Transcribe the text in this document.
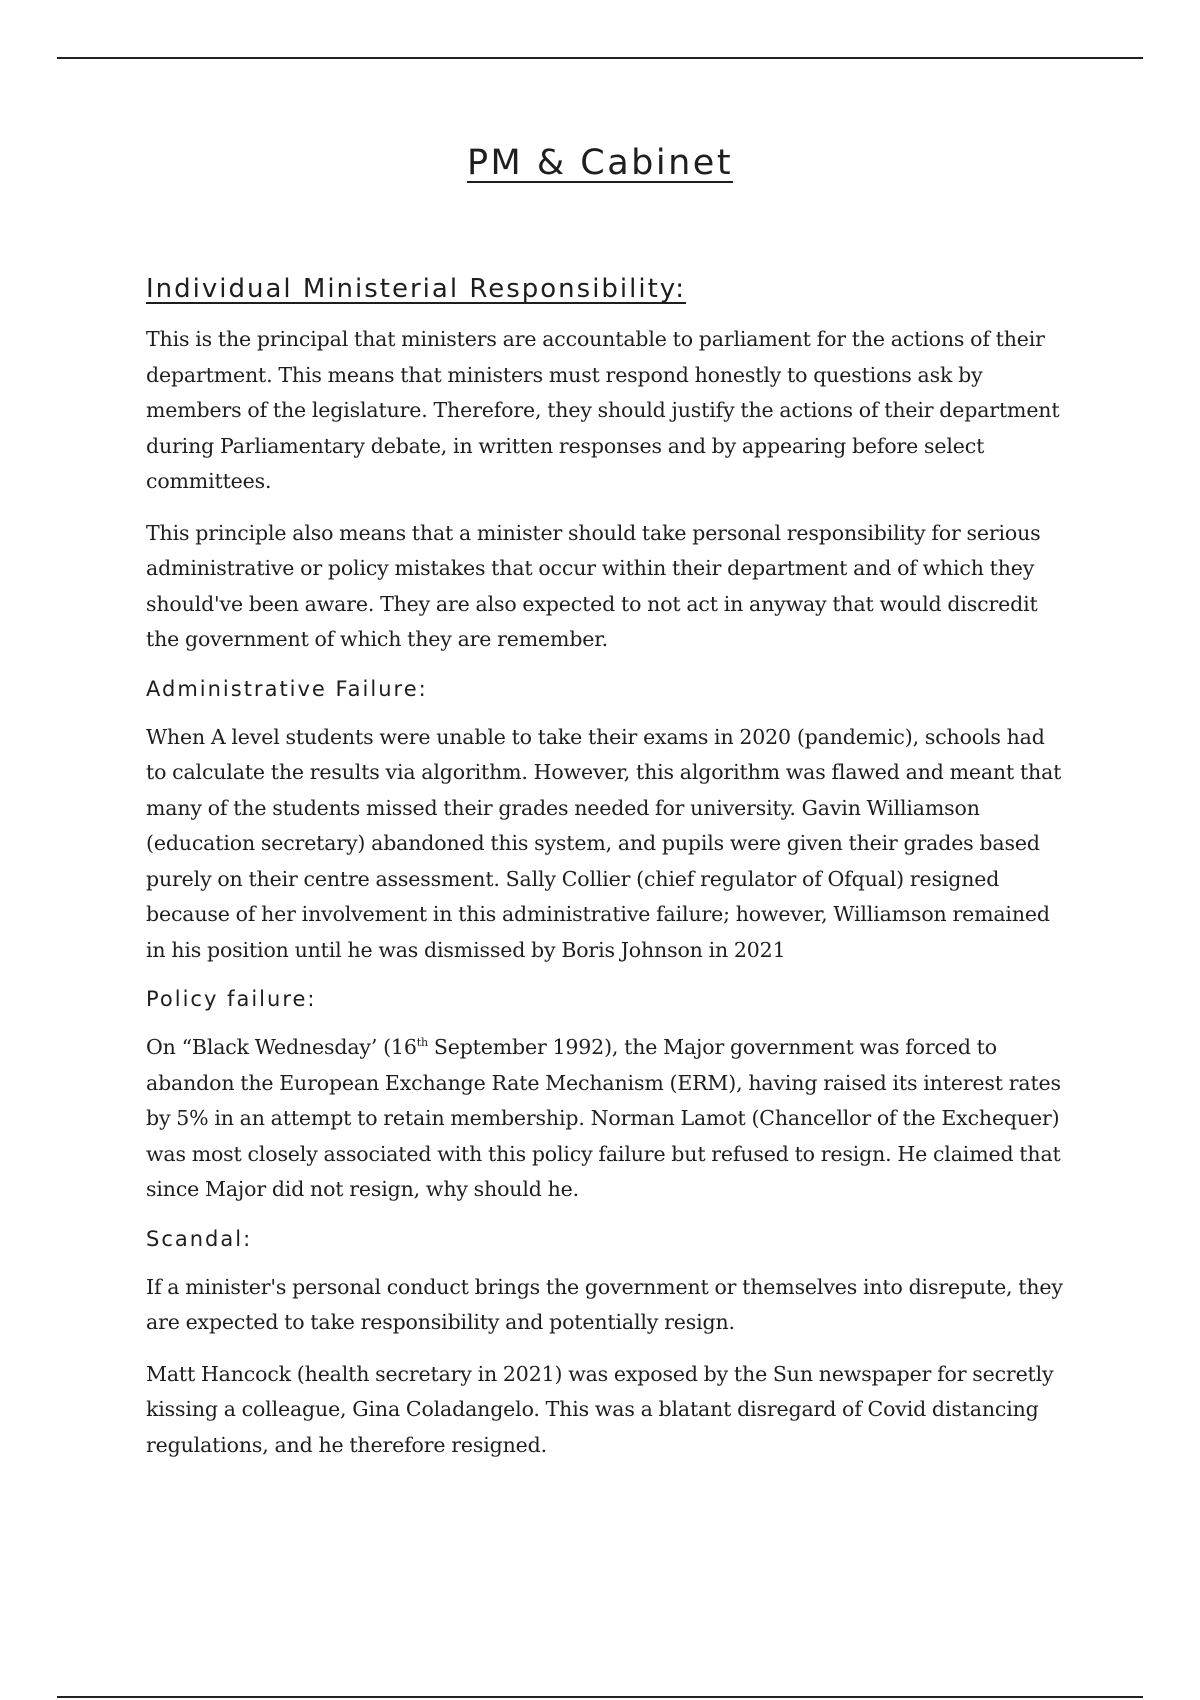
PM & Cabinet
Individual Ministerial Responsibility:

This is the principal that ministers are accountable to parliament for the actions of their department. This means that ministers must respond honestly to questions ask by members of the legislature. Therefore, they should justify the actions of their department during Parliamentary debate, in written responses and by appearing before select committees.

This principle also means that a minister should take personal responsibility for serious administrative or policy mistakes that occur within their department and of which they should've been aware. They are also expected to not act in anyway that would discredit the government of which they are remember.

Administrative Failure:

When A level students were unable to take their exams in 2020 (pandemic), schools had to calculate the results via algorithm. However, this algorithm was flawed and meant that many of the students missed their grades needed for university. Gavin Williamson (education secretary) abandoned this system, and pupils were given their grades based purely on their centre assessment. Sally Collier (chief regulator of Ofqual) resigned because of her involvement in this administrative failure; however, Williamson remained in his position until he was dismissed by Boris Johnson in 2021

Policy failure:

On “Black Wednesday’ (16th September 1992), the Major government was forced to abandon the European Exchange Rate Mechanism (ERM), having raised its interest rates by 5% in an attempt to retain membership. Norman Lamot (Chancellor of the Exchequer) was most closely associated with this policy failure but refused to resign. He claimed that since Major did not resign, why should he.

Scandal:

If a minister's personal conduct brings the government or themselves into disrepute, they are expected to take responsibility and potentially resign.

Matt Hancock (health secretary in 2021) was exposed by the Sun newspaper for secretly kissing a colleague, Gina Coladangelo. This was a blatant disregard of Covid distancing regulations, and he therefore resigned.
